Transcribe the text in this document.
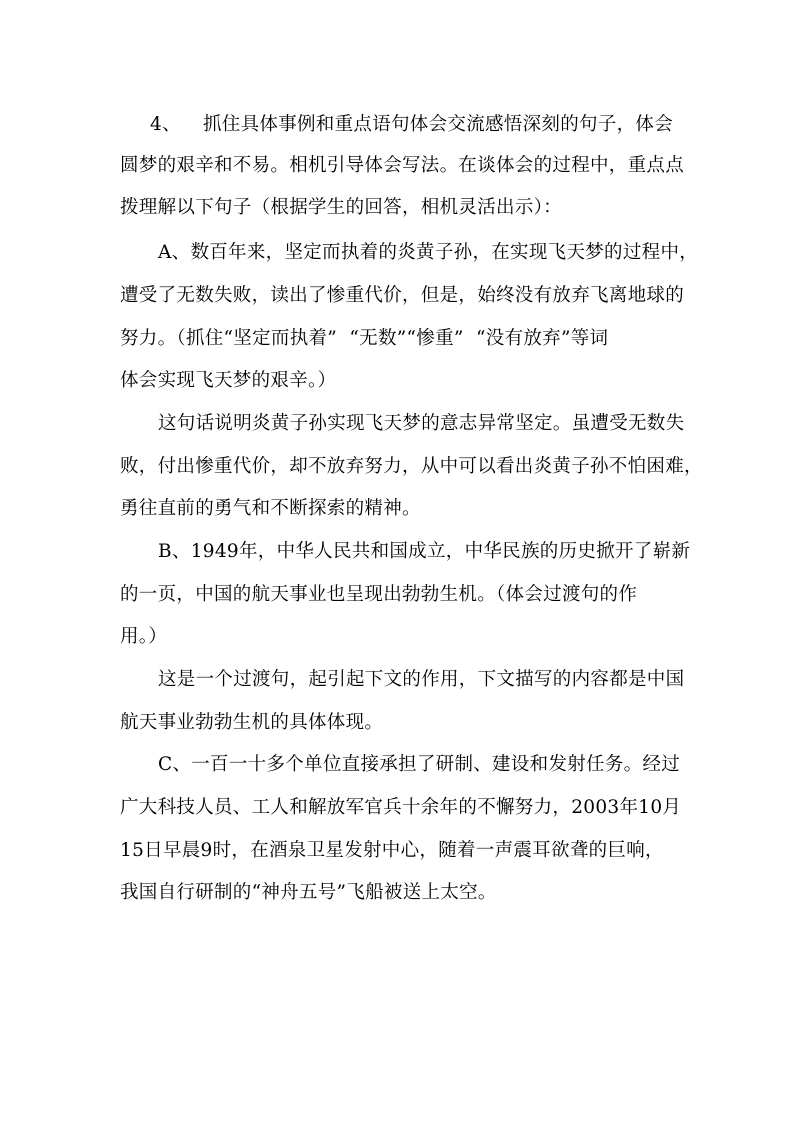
4、 抓住具体事例和重点语句体会交流感悟深刻的句子，体会
圆梦的艰辛和不易。相机引导体会写法。在谈体会的过程中，重点点
拨理解以下句子（根据学生的回答，相机灵活出示）：
A、数百年来，坚定而执着的炎黄子孙，在实现飞天梦的过程中，
遭受了无数失败，读出了惨重代价，但是，始终没有放弃飞离地球的
努力。（抓住“坚定而执着”  “无数”“惨重”  “没有放弃”等词
体会实现飞天梦的艰辛。）
这句话说明炎黄子孙实现飞天梦的意志异常坚定。虽遭受无数失
败，付出惨重代价，却不放弃努力，从中可以看出炎黄子孙不怕困难，
勇往直前的勇气和不断探索的精神。
B、1949年，中华人民共和国成立，中华民族的历史掀开了崭新
的一页，中国的航天事业也呈现出勃勃生机。（体会过渡句的作
用。）
这是一个过渡句，起引起下文的作用，下文描写的内容都是中国
航天事业勃勃生机的具体体现。
C、一百一十多个单位直接承担了研制、建设和发射任务。经过
广大科技人员、工人和解放军官兵十余年的不懈努力，2003年10月
15日早晨9时，在酒泉卫星发射中心，随着一声震耳欲聋的巨响，
我国自行研制的“神舟五号”飞船被送上太空。
